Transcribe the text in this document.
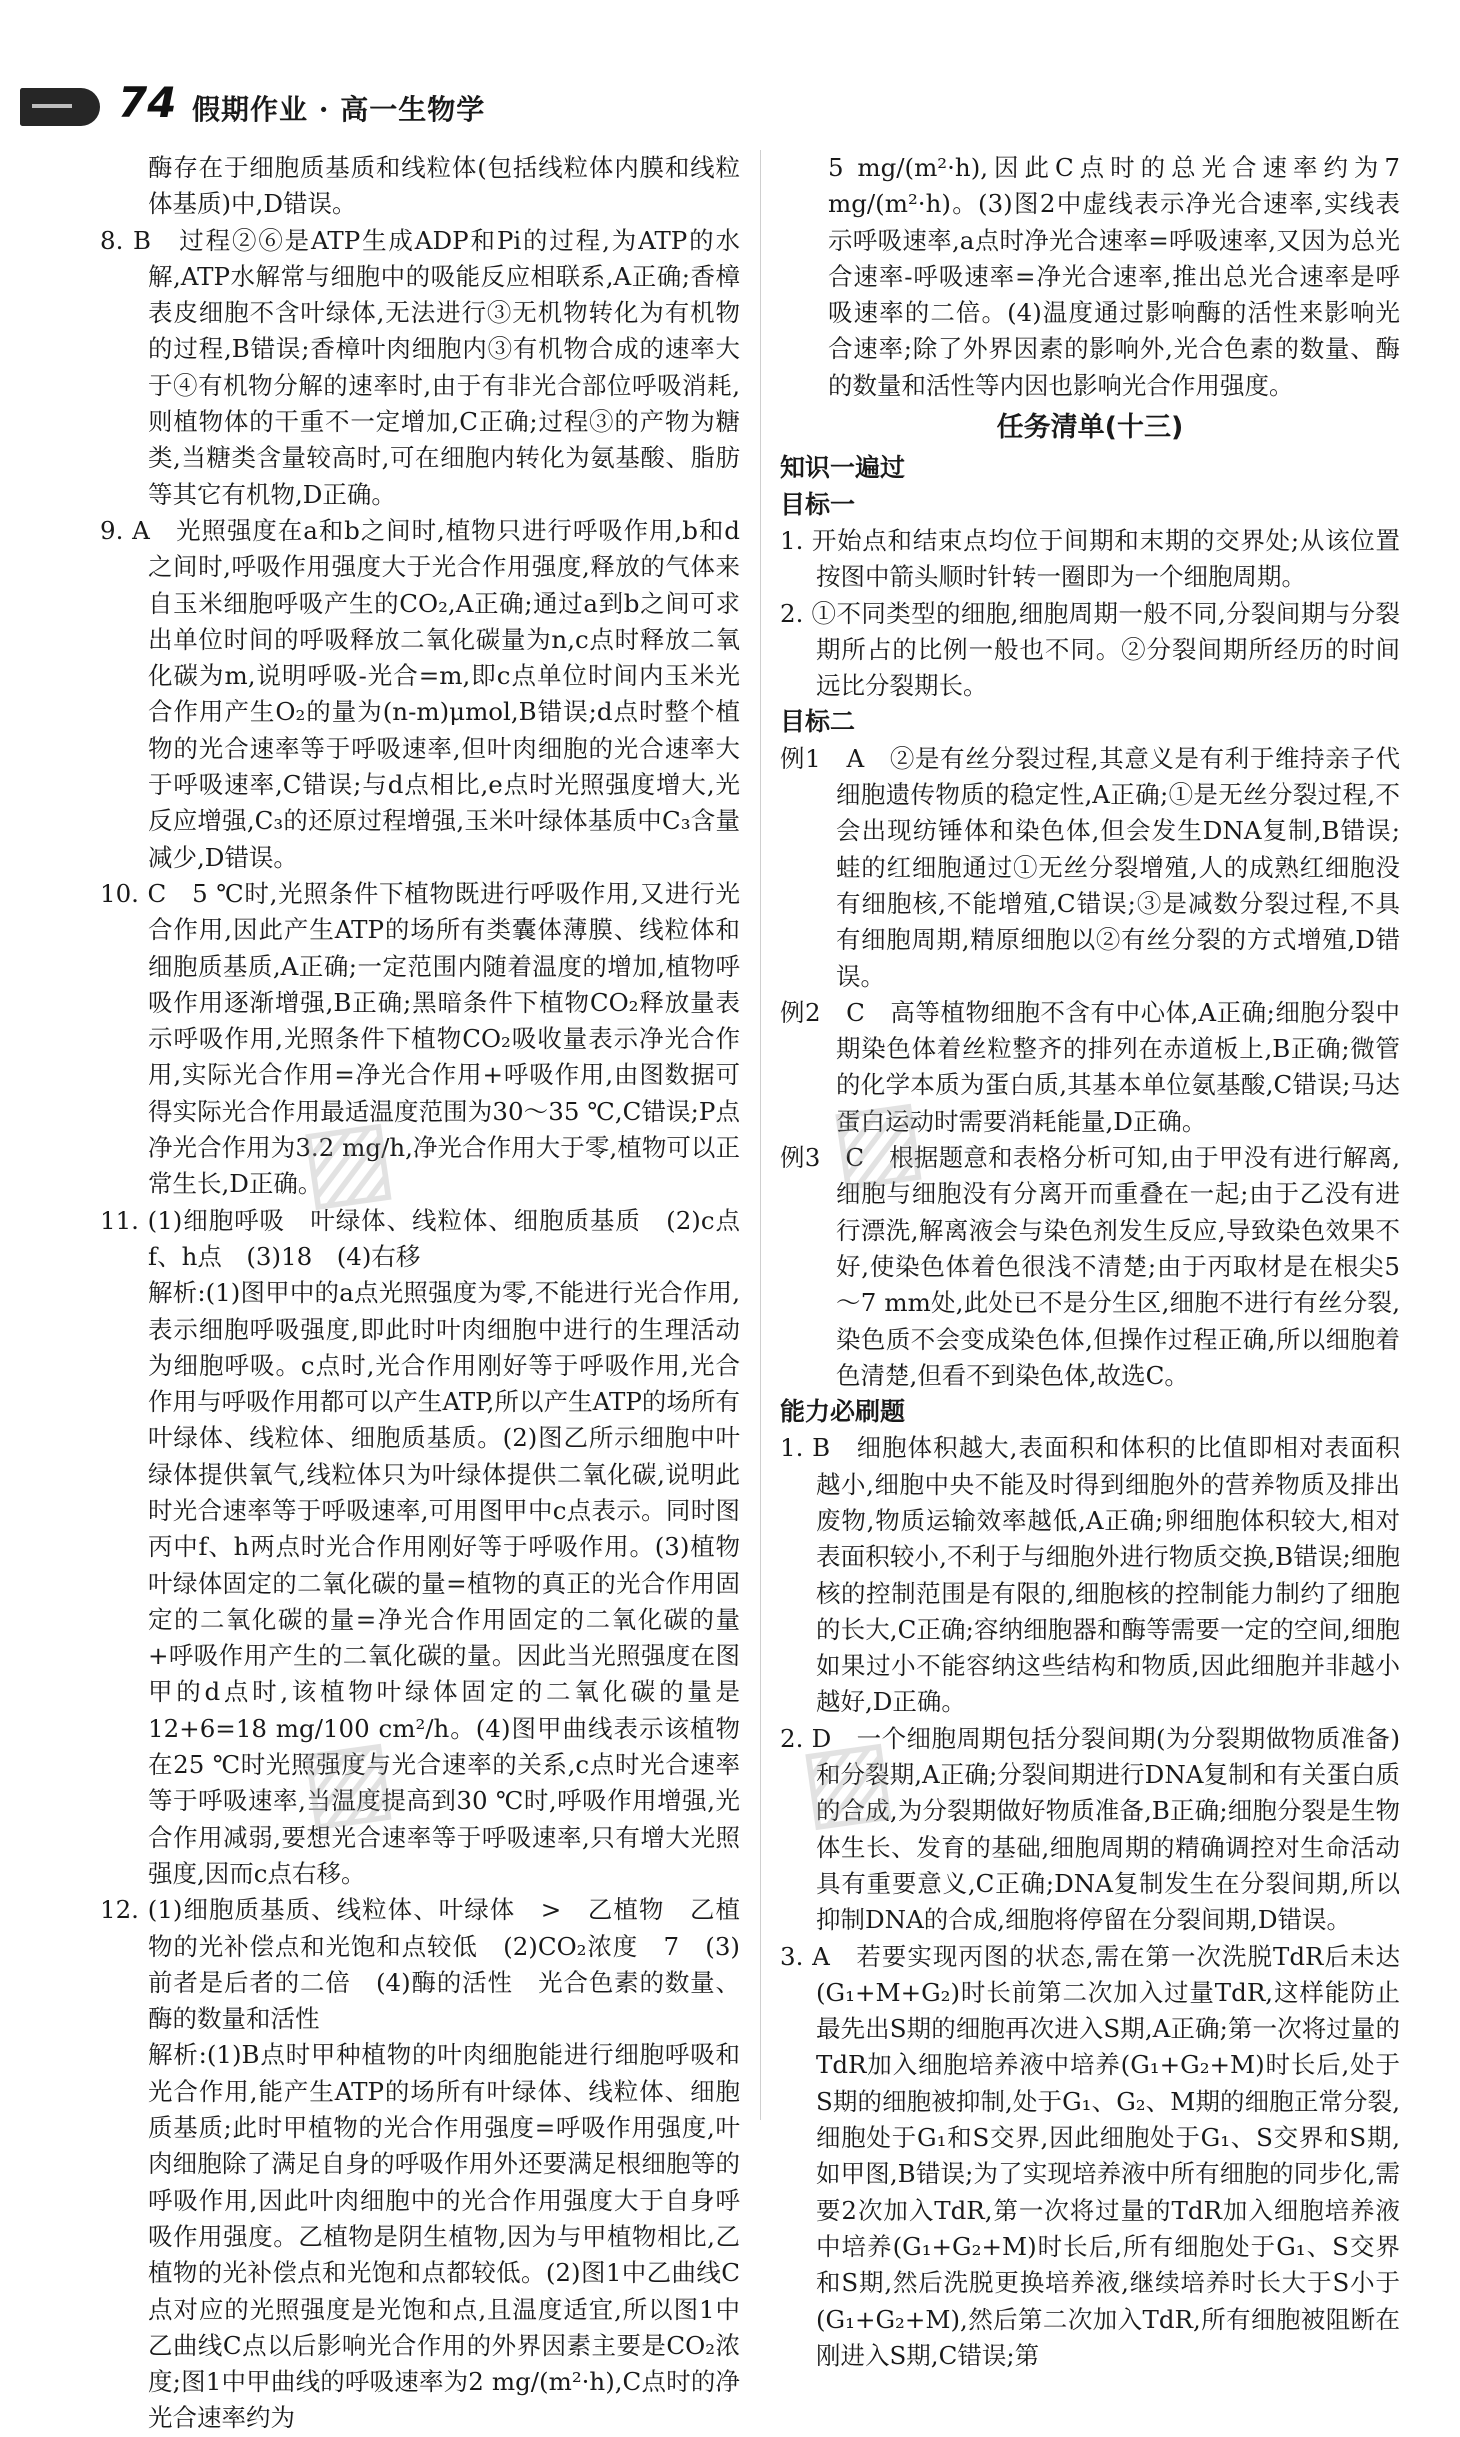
74 假期作业 · 高一生物学

酶存在于细胞质基质和线粒体(包括线粒体内膜和线粒体基质)中,D错误。

8. B　过程②⑥是ATP生成ADP和Pi的过程,为ATP的水解,ATP水解常与细胞中的吸能反应相联系,A正确;香樟表皮细胞不含叶绿体,无法进行③无机物转化为有机物的过程,B错误;香樟叶肉细胞内③有机物合成的速率大于④有机物分解的速率时,由于有非光合部位呼吸消耗,则植物体的干重不一定增加,C正确;过程③的产物为糖类,当糖类含量较高时,可在细胞内转化为氨基酸、脂肪等其它有机物,D正确。

9. A　光照强度在a和b之间时,植物只进行呼吸作用,b和d之间时,呼吸作用强度大于光合作用强度,释放的气体来自玉米细胞呼吸产生的CO₂,A正确;通过a到b之间可求出单位时间的呼吸释放二氧化碳量为n,c点时释放二氧化碳为m,说明呼吸-光合=m,即c点单位时间内玉米光合作用产生O₂的量为(n-m)μmol,B错误;d点时整个植物的光合速率等于呼吸速率,但叶肉细胞的光合速率大于呼吸速率,C错误;与d点相比,e点时光照强度增大,光反应增强,C₃的还原过程增强,玉米叶绿体基质中C₃含量减少,D错误。

10. C　5 ℃时,光照条件下植物既进行呼吸作用,又进行光合作用,因此产生ATP的场所有类囊体薄膜、线粒体和细胞质基质,A正确;一定范围内随着温度的增加,植物呼吸作用逐渐增强,B正确;黑暗条件下植物CO₂释放量表示呼吸作用,光照条件下植物CO₂吸收量表示净光合作用,实际光合作用=净光合作用+呼吸作用,由图数据可得实际光合作用最适温度范围为30～35 ℃,C错误;P点净光合作用为3.2 mg/h,净光合作用大于零,植物可以正常生长,D正确。

11. (1)细胞呼吸　叶绿体、线粒体、细胞质基质　(2)c点 f、h点　(3)18　(4)右移

解析:(1)图甲中的a点光照强度为零,不能进行光合作用,表示细胞呼吸强度,即此时叶肉细胞中进行的生理活动为细胞呼吸。c点时,光合作用刚好等于呼吸作用,光合作用与呼吸作用都可以产生ATP,所以产生ATP的场所有叶绿体、线粒体、细胞质基质。(2)图乙所示细胞中叶绿体提供氧气,线粒体只为叶绿体提供二氧化碳,说明此时光合速率等于呼吸速率,可用图甲中c点表示。同时图丙中f、h两点时光合作用刚好等于呼吸作用。(3)植物叶绿体固定的二氧化碳的量=植物的真正的光合作用固定的二氧化碳的量=净光合作用固定的二氧化碳的量+呼吸作用产生的二氧化碳的量。因此当光照强度在图甲的d点时,该植物叶绿体固定的二氧化碳的量是12+6=18 mg/100 cm²/h。(4)图甲曲线表示该植物在25 ℃时光照强度与光合速率的关系,c点时光合速率等于呼吸速率,当温度提高到30 ℃时,呼吸作用增强,光合作用减弱,要想光合速率等于呼吸速率,只有增大光照强度,因而c点右移。

12. (1)细胞质基质、线粒体、叶绿体　>　乙植物　乙植物的光补偿点和光饱和点较低　(2)CO₂浓度　7　(3)前者是后者的二倍　(4)酶的活性　光合色素的数量、酶的数量和活性

解析:(1)B点时甲种植物的叶肉细胞能进行细胞呼吸和光合作用,能产生ATP的场所有叶绿体、线粒体、细胞质基质;此时甲植物的光合作用强度=呼吸作用强度,叶肉细胞除了满足自身的呼吸作用外还要满足根细胞等的呼吸作用,因此叶肉细胞中的光合作用强度大于自身呼吸作用强度。乙植物是阴生植物,因为与甲植物相比,乙植物的光补偿点和光饱和点都较低。(2)图1中乙曲线C点对应的光照强度是光饱和点,且温度适宜,所以图1中乙曲线C点以后影响光合作用的外界因素主要是CO₂浓度;图1中甲曲线的呼吸速率为2 mg/(m²·h),C点时的净光合速率约为

5 mg/(m²·h),因此C点时的总光合速率约为7 mg/(m²·h)。(3)图2中虚线表示净光合速率,实线表示呼吸速率,a点时净光合速率=呼吸速率,又因为总光合速率-呼吸速率=净光合速率,推出总光合速率是呼吸速率的二倍。(4)温度通过影响酶的活性来影响光合速率;除了外界因素的影响外,光合色素的数量、酶的数量和活性等内因也影响光合作用强度。

任务清单(十三)

知识一遍过

目标一

1. 开始点和结束点均位于间期和末期的交界处;从该位置按图中箭头顺时针转一圈即为一个细胞周期。

2. ①不同类型的细胞,细胞周期一般不同,分裂间期与分裂期所占的比例一般也不同。②分裂间期所经历的时间远比分裂期长。

目标二

例1　A　②是有丝分裂过程,其意义是有利于维持亲子代细胞遗传物质的稳定性,A正确;①是无丝分裂过程,不会出现纺锤体和染色体,但会发生DNA复制,B错误;蛙的红细胞通过①无丝分裂增殖,人的成熟红细胞没有细胞核,不能增殖,C错误;③是减数分裂过程,不具有细胞周期,精原细胞以②有丝分裂的方式增殖,D错误。

例2　C　高等植物细胞不含有中心体,A正确;细胞分裂中期染色体着丝粒整齐的排列在赤道板上,B正确;微管的化学本质为蛋白质,其基本单位氨基酸,C错误;马达蛋白运动时需要消耗能量,D正确。

例3　C　根据题意和表格分析可知,由于甲没有进行解离,细胞与细胞没有分离开而重叠在一起;由于乙没有进行漂洗,解离液会与染色剂发生反应,导致染色效果不好,使染色体着色很浅不清楚;由于丙取材是在根尖5～7 mm处,此处已不是分生区,细胞不进行有丝分裂,染色质不会变成染色体,但操作过程正确,所以细胞着色清楚,但看不到染色体,故选C。

能力必刷题

1. B　细胞体积越大,表面积和体积的比值即相对表面积越小,细胞中央不能及时得到细胞外的营养物质及排出废物,物质运输效率越低,A正确;卵细胞体积较大,相对表面积较小,不利于与细胞外进行物质交换,B错误;细胞核的控制范围是有限的,细胞核的控制能力制约了细胞的长大,C正确;容纳细胞器和酶等需要一定的空间,细胞如果过小不能容纳这些结构和物质,因此细胞并非越小越好,D正确。

2. D　一个细胞周期包括分裂间期(为分裂期做物质准备)和分裂期,A正确;分裂间期进行DNA复制和有关蛋白质的合成,为分裂期做好物质准备,B正确;细胞分裂是生物体生长、发育的基础,细胞周期的精确调控对生命活动具有重要意义,C正确;DNA复制发生在分裂间期,所以抑制DNA的合成,细胞将停留在分裂间期,D错误。

3. A　若要实现丙图的状态,需在第一次洗脱TdR后未达(G₁+M+G₂)时长前第二次加入过量TdR,这样能防止最先出S期的细胞再次进入S期,A正确;第一次将过量的TdR加入细胞培养液中培养(G₁+G₂+M)时长后,处于S期的细胞被抑制,处于G₁、G₂、M期的细胞正常分裂,细胞处于G₁和S交界,因此细胞处于G₁、S交界和S期,如甲图,B错误;为了实现培养液中所有细胞的同步化,需要2次加入TdR,第一次将过量的TdR加入细胞培养液中培养(G₁+G₂+M)时长后,所有细胞处于G₁、S交界和S期,然后洗脱更换培养液,继续培养时长大于S小于(G₁+G₂+M),然后第二次加入TdR,所有细胞被阻断在刚进入S期,C错误;第

▨	▨
▨	▨
